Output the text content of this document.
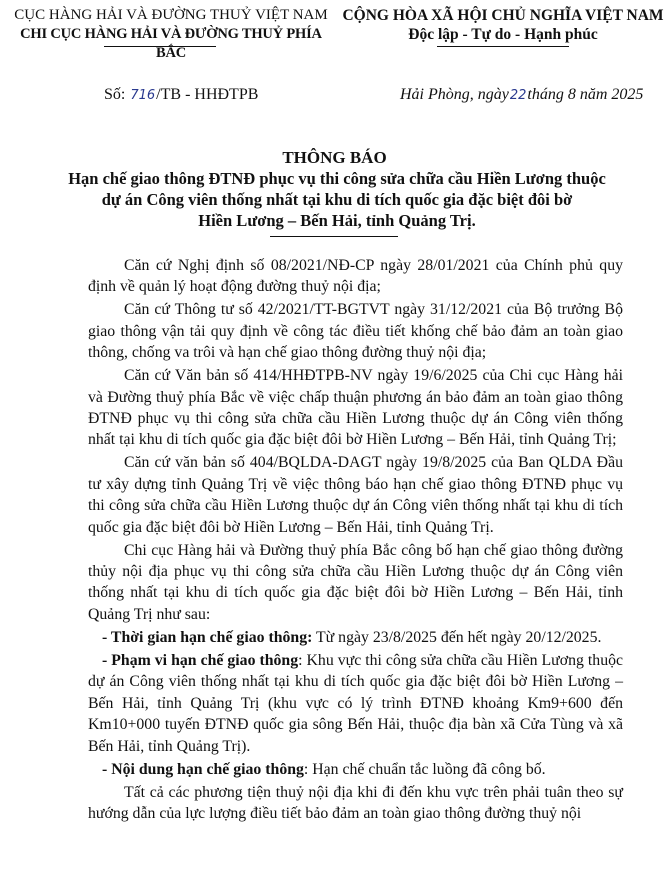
CỤC HÀNG HẢI VÀ ĐƯỜNG THUỶ VIỆT NAM
CHI CỤC HÀNG HẢI VÀ ĐƯỜNG THUỶ PHÍA BẮC
CỘNG HÒA XÃ HỘI CHỦ NGHĨA VIỆT NAM
Độc lập - Tự do - Hạnh phúc
Số: 716/TB - HHĐTPB	Hải Phòng, ngày22tháng 8 năm 2025
THÔNG BÁO
Hạn chế giao thông ĐTNĐ phục vụ thi công sửa chữa cầu Hiền Lương thuộc
dự án Công viên thống nhất tại khu di tích quốc gia đặc biệt đôi bờ
Hiền Lương – Bến Hải, tỉnh Quảng Trị.

Căn cứ Nghị định số 08/2021/NĐ-CP ngày 28/01/2021 của Chính phủ quy định về quản lý hoạt động đường thuỷ nội địa;

Căn cứ Thông tư số 42/2021/TT-BGTVT ngày 31/12/2021 của Bộ trưởng Bộ giao thông vận tải quy định về công tác điều tiết khống chế bảo đảm an toàn giao thông, chống va trôi và hạn chế giao thông đường thuỷ nội địa;

Căn cứ Văn bản số 414/HHĐTPB-NV ngày 19/6/2025 của Chi cục Hàng hải và Đường thuỷ phía Bắc về việc chấp thuận phương án bảo đảm an toàn giao thông ĐTNĐ phục vụ thi công sửa chữa cầu Hiền Lương thuộc dự án Công viên thống nhất tại khu di tích quốc gia đặc biệt đôi bờ Hiền Lương – Bến Hải, tỉnh Quảng Trị;

Căn cứ văn bản số 404/BQLDA-DAGT ngày 19/8/2025 của Ban QLDA Đầu tư xây dựng tỉnh Quảng Trị về việc thông báo hạn chế giao thông ĐTNĐ phục vụ thi công sửa chữa cầu Hiền Lương thuộc dự án Công viên thống nhất tại khu di tích quốc gia đặc biệt đôi bờ Hiền Lương – Bến Hải, tỉnh Quảng Trị.

Chi cục Hàng hải và Đường thuỷ phía Bắc công bố hạn chế giao thông đường thủy nội địa phục vụ thi công sửa chữa cầu Hiền Lương thuộc dự án Công viên thống nhất tại khu di tích quốc gia đặc biệt đôi bờ Hiền Lương – Bến Hải, tỉnh Quảng Trị như sau:

- Thời gian hạn chế giao thông: Từ ngày 23/8/2025 đến hết ngày 20/12/2025.

- Phạm vi hạn chế giao thông: Khu vực thi công sửa chữa cầu Hiền Lương thuộc dự án Công viên thống nhất tại khu di tích quốc gia đặc biệt đôi bờ Hiền Lương – Bến Hải, tỉnh Quảng Trị (khu vực có lý trình ĐTNĐ khoảng Km9+600 đến Km10+000 tuyến ĐTNĐ quốc gia sông Bến Hải, thuộc địa bàn xã Cửa Tùng và xã Bến Hải, tỉnh Quảng Trị).

- Nội dung hạn chế giao thông: Hạn chế chuẩn tắc luồng đã công bố.

Tất cả các phương tiện thuỷ nội địa khi đi đến khu vực trên phải tuân theo sự hướng dẫn của lực lượng điều tiết bảo đảm an toàn giao thông đường thuỷ nội
